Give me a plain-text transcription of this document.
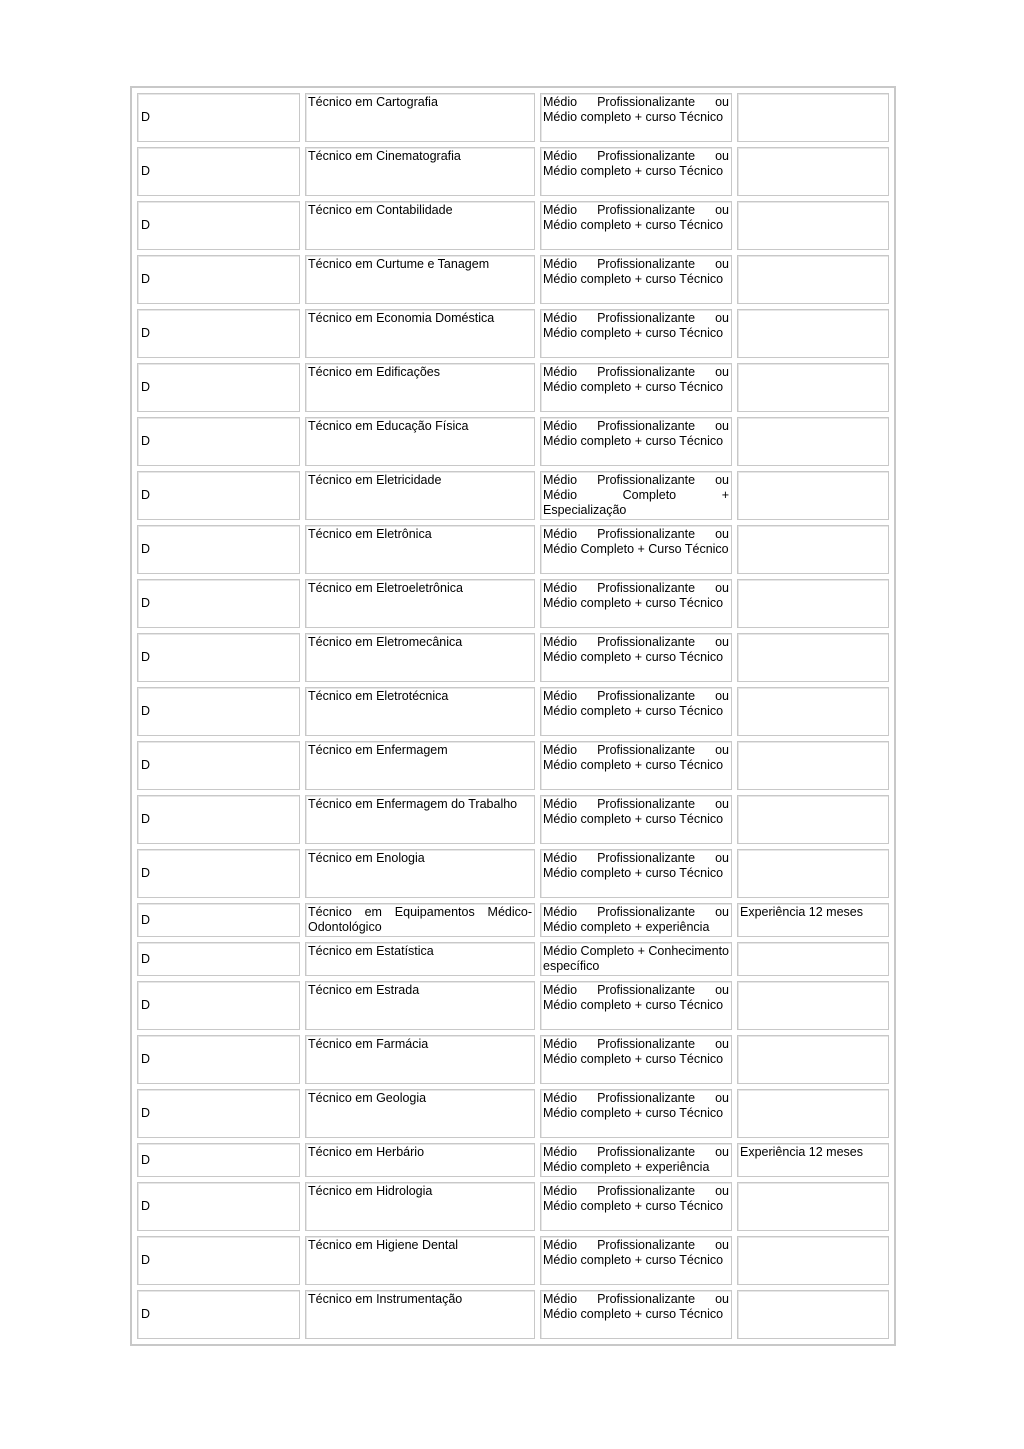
D	Técnico em Cartografia	Médio Profissionalizante ou Médio completo + curso Técnico	
D	Técnico em Cinematografia	Médio Profissionalizante ou Médio completo + curso Técnico	
D	Técnico em Contabilidade	Médio Profissionalizante ou Médio completo + curso Técnico	
D	Técnico em Curtume e Tanagem	Médio Profissionalizante ou Médio completo + curso Técnico	
D	Técnico em Economia Doméstica	Médio Profissionalizante ou Médio completo + curso Técnico	
D	Técnico em Edificações	Médio Profissionalizante ou Médio completo + curso Técnico	
D	Técnico em Educação Física	Médio Profissionalizante ou Médio completo + curso Técnico	
D	Técnico em Eletricidade	Médio Profissionalizante ou Médio Completo + Especialização	
D	Técnico em Eletrônica	Médio Profissionalizante ou Médio Completo + Curso Técnico	
D	Técnico em Eletroeletrônica	Médio Profissionalizante ou Médio completo + curso Técnico	
D	Técnico em Eletromecânica	Médio Profissionalizante ou Médio completo + curso Técnico	
D	Técnico em Eletrotécnica	Médio Profissionalizante ou Médio completo + curso Técnico	
D	Técnico em Enfermagem	Médio Profissionalizante ou Médio completo + curso Técnico	
D	Técnico em Enfermagem do Trabalho	Médio Profissionalizante ou Médio completo + curso Técnico	
D	Técnico em Enologia	Médio Profissionalizante ou Médio completo + curso Técnico	
D	Técnico em Equipamentos Médico-Odontológico	Médio Profissionalizante ou Médio completo + experiência	Experiência 12 meses
D	Técnico em Estatística	Médio Completo + Conhecimento específico	
D	Técnico em Estrada	Médio Profissionalizante ou Médio completo + curso Técnico	
D	Técnico em Farmácia	Médio Profissionalizante ou Médio completo + curso Técnico	
D	Técnico em Geologia	Médio Profissionalizante ou Médio completo + curso Técnico	
D	Técnico em Herbário	Médio Profissionalizante ou Médio completo + experiência	Experiência 12 meses
D	Técnico em Hidrologia	Médio Profissionalizante ou Médio completo + curso Técnico	
D	Técnico em Higiene Dental	Médio Profissionalizante ou Médio completo + curso Técnico	
D	Técnico em Instrumentação	Médio Profissionalizante ou Médio completo + curso Técnico	
